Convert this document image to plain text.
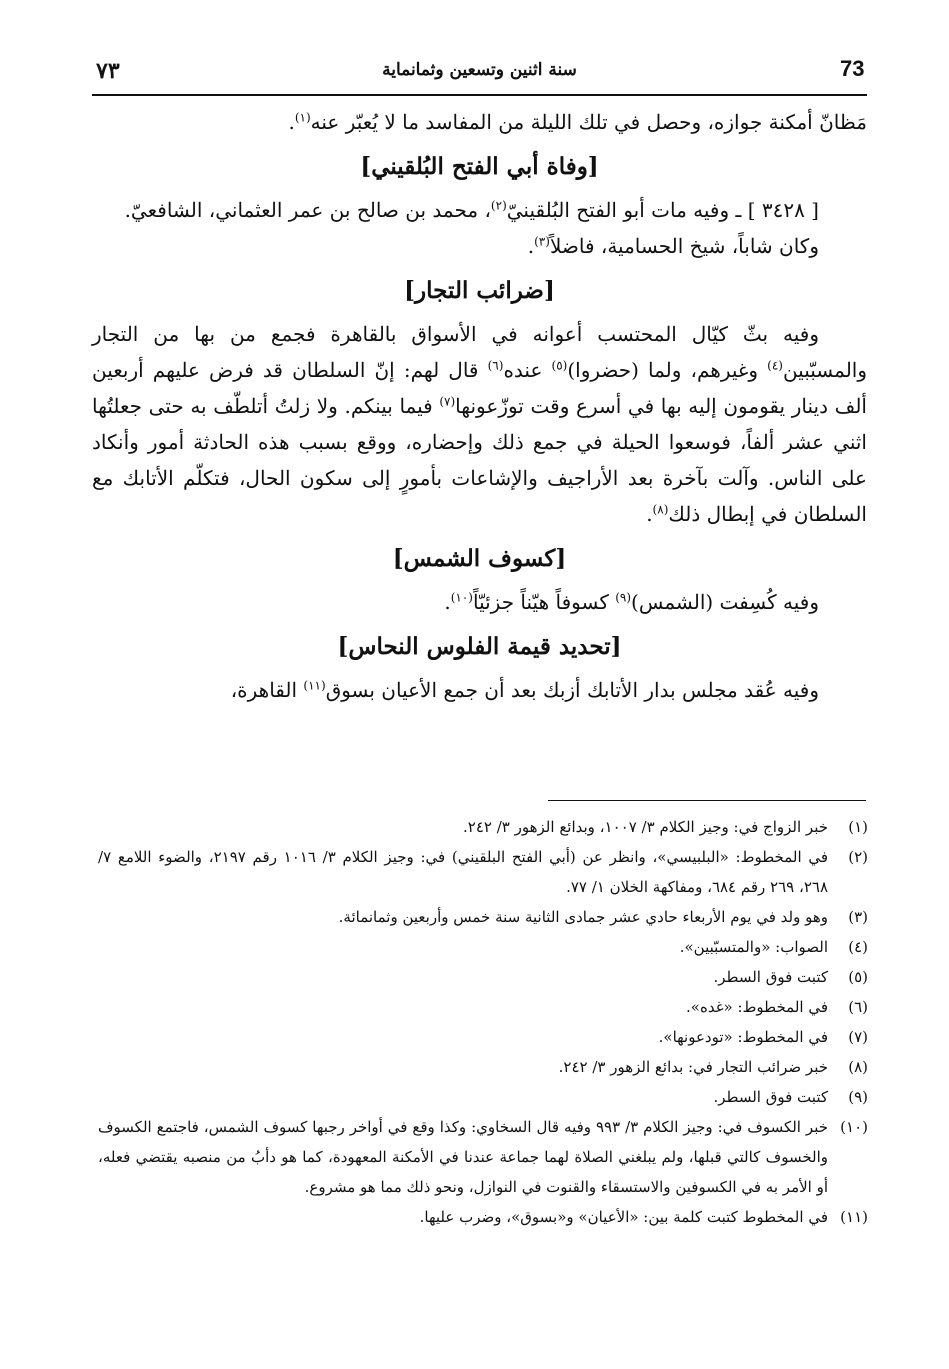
73
سنة اثنين وتسعين وثمانماية
٧٣

مَظانّ أمكنة جوازه، وحصل في تلك الليلة من المفاسد ما لا يُعبّر عنه$^{(١)}$.

[وفاة أبي الفتح البُلقيني]

[ ٣٤٢٨ ] ـ وفيه مات أبو الفتح البُلقينيّ$^{(٢)}$، محمد بن صالح بن عمر العثماني، الشافعيّ.

وكان شاباً، شيخ الحسامية، فاضلاً$^{(٣)}$.

[ضرائب التجار]

وفيه بثّ كيّال المحتسب أعوانه في الأسواق بالقاهرة فجمع من بها من التجار والمسبّبين$^{(٤)}$ وغيرهم، ولما (حضروا)$^{(٥)}$ عنده$^{(٦)}$ قال لهم: إنّ السلطان قد فرض عليهم أربعين ألف دينار يقومون إليه بها في أسرع وقت توزّعونها$^{(٧)}$ فيما بينكم. ولا زلتُ أتلطّف به حتى جعلتُها اثني عشر ألفاً، فوسعوا الحيلة في جمع ذلك وإحضاره، ووقع بسبب هذه الحادثة أمور وأنكاد على الناس. وآلت بآخرة بعد الأراجيف والإشاعات بأمورٍ إلى سكون الحال، فتكلّم الأتابك مع السلطان في إبطال ذلك$^{(٨)}$.

[كسوف الشمس]

وفيه كُسِفت (الشمس)$^{(٩)}$ كسوفاً هيّناً جزئيّاً$^{(١٠)}$.

[تحديد قيمة الفلوس النحاس]

وفيه عُقد مجلس بدار الأتابك أزبك بعد أن جمع الأعيان بسوق$^{(١١)}$ القاهرة،

(١)
خبر الزواج في: وجيز الكلام ٣/ ١٠٠٧، وبدائع الزهور ٣/ ٢٤٢.
(٢)
في المخطوط: «البلبيسي»، وانظر عن (أبي الفتح البلقيني) في: وجيز الكلام ٣/ ١٠١٦ رقم ٢١٩٧، والضوء اللامع ٧/ ٢٦٨، ٢٦٩ رقم ٦٨٤، ومفاكهة الخلان ١/ ٧٧.
(٣)
وهو ولد في يوم الأربعاء حادي عشر جمادى الثانية سنة خمس وأربعين وثمانمائة.
(٤)
الصواب: «والمتسبّبين».
(٥)
كتبت فوق السطر.
(٦)
في المخطوط: «غده».
(٧)
في المخطوط: «تودعونها».
(٨)
خبر ضرائب التجار في: بدائع الزهور ٣/ ٢٤٢.
(٩)
كتبت فوق السطر.
(١٠)
خبر الكسوف في: وجيز الكلام ٣/ ٩٩٣ وفيه قال السخاوي: وكذا وقع في أواخر رجبها كسوف الشمس، فاجتمع الكسوف والخسوف كالتي قبلها، ولم يبلغني الصلاة لهما جماعة عندنا في الأمكنة المعهودة، كما هو دأبُ من منصبه يقتضي فعله، أو الأمر به في الكسوفين والاستسقاء والقنوت في النوازل، ونحو ذلك مما هو مشروع.
(١١)
في المخطوط كتبت كلمة بين: «الأعيان» و«بسوق»، وضرب عليها.
